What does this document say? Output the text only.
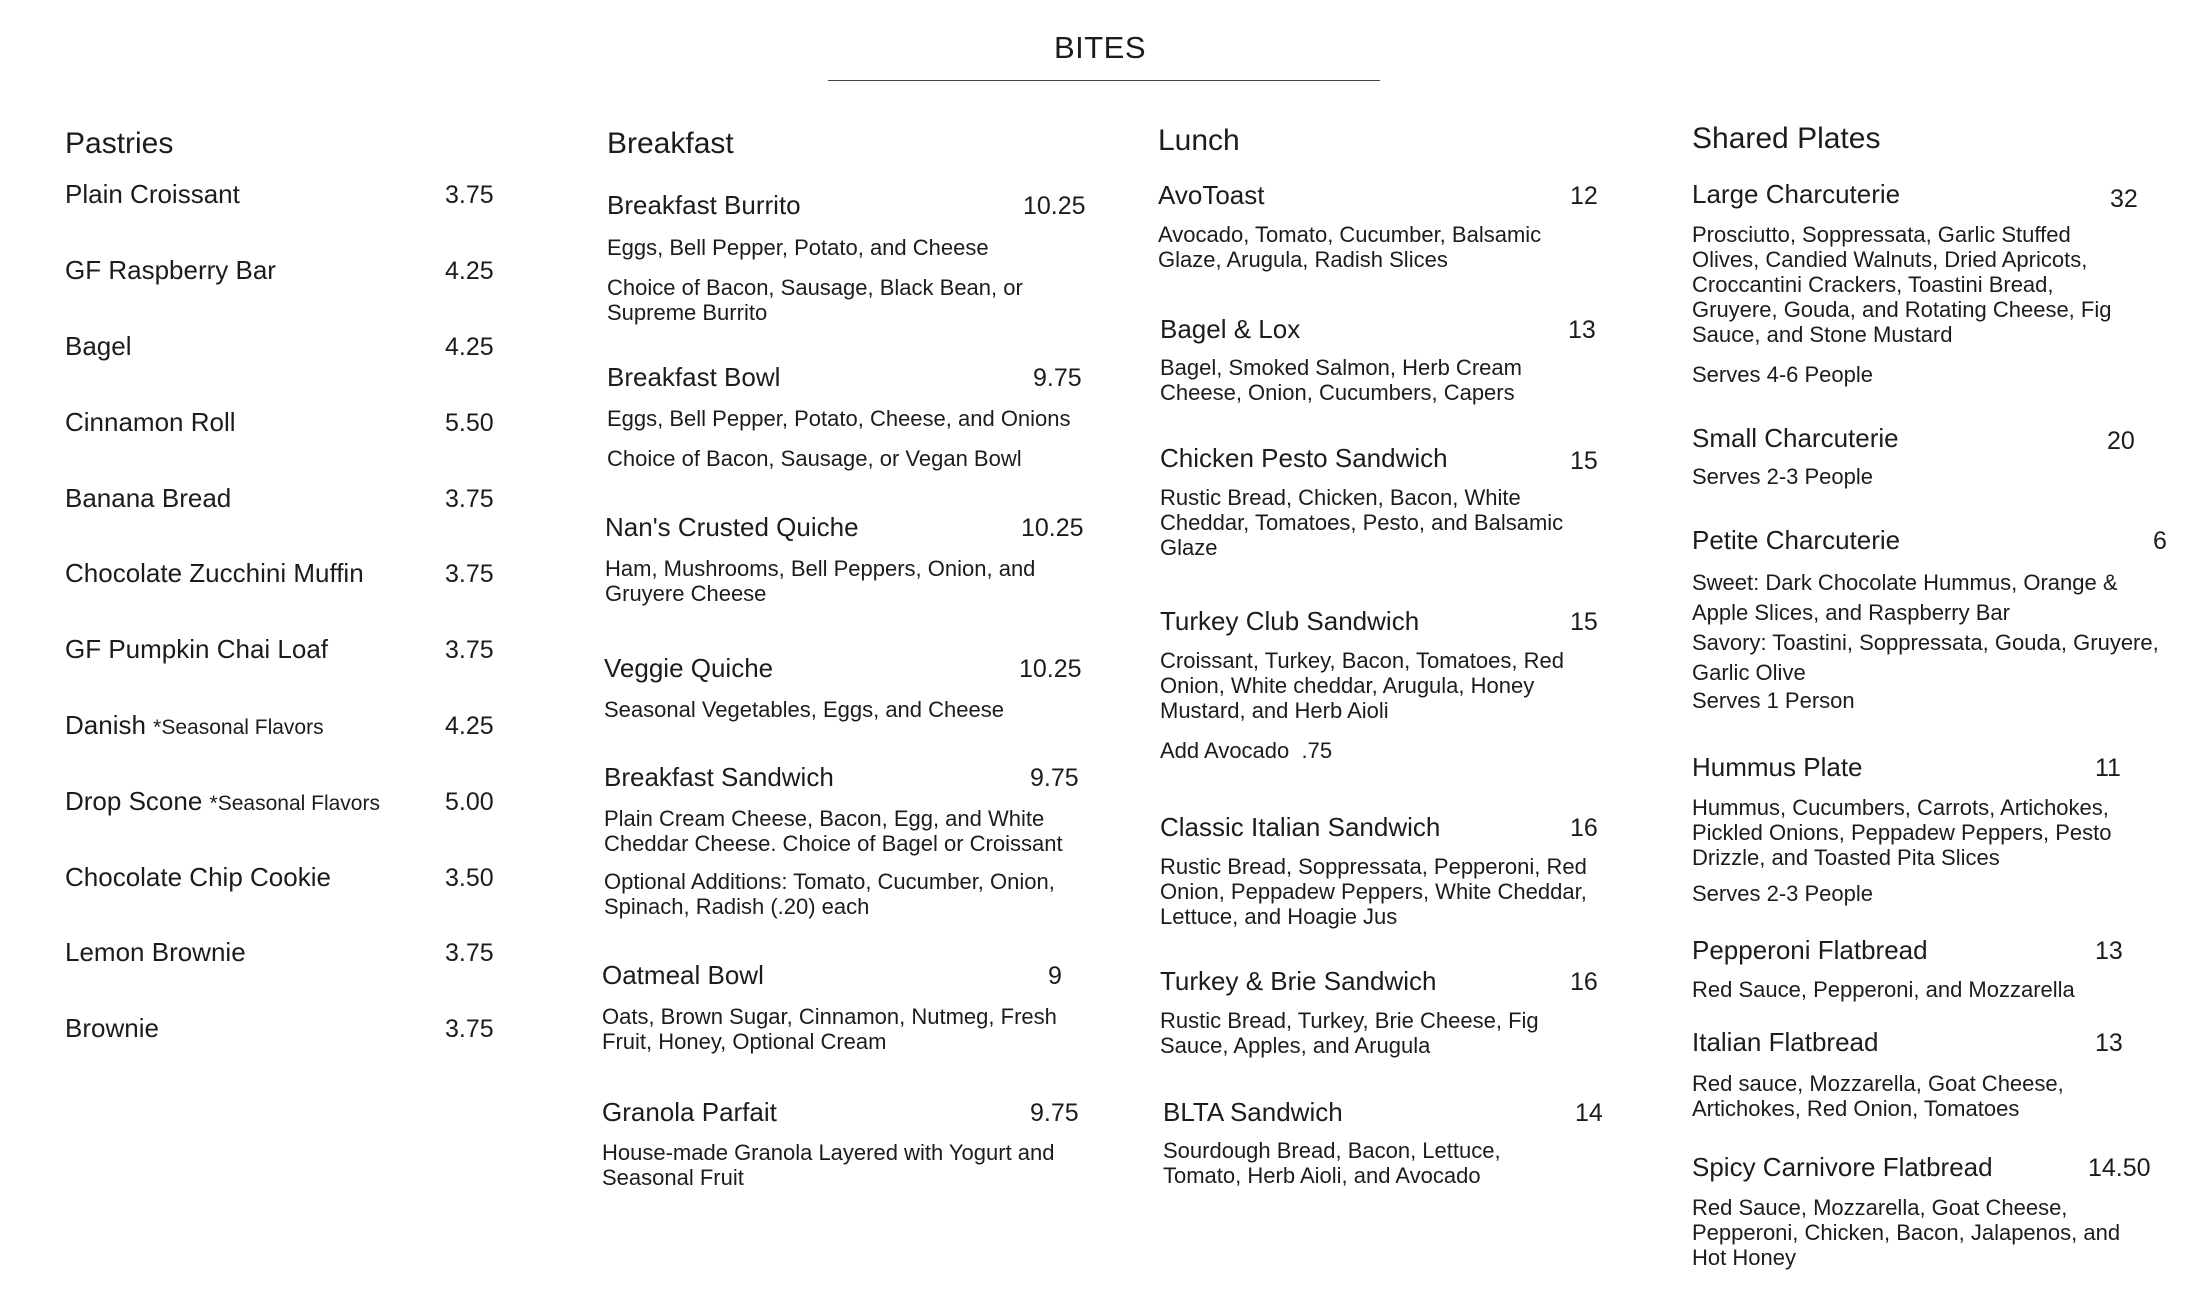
BITES
Pastries
Plain Croissant	3.75
GF Raspberry Bar	4.25
Bagel	4.25
Cinnamon Roll	5.50
Banana Bread	3.75
Chocolate Zucchini Muffin	3.75
GF Pumpkin Chai Loaf	3.75
Danish *Seasonal Flavors	4.25
Drop Scone *Seasonal Flavors	5.00
Chocolate Chip Cookie	3.50
Lemon Brownie	3.75
Brownie	3.75
Breakfast
Breakfast Burrito	10.25
Eggs, Bell Pepper, Potato, and Cheese
Choice of Bacon, Sausage, Black Bean, or Supreme Burrito
Breakfast Bowl	9.75
Eggs, Bell Pepper, Potato, Cheese, and Onions
Choice of Bacon, Sausage, or Vegan Bowl
Nan's Crusted Quiche	10.25
Ham, Mushrooms, Bell Peppers, Onion, and Gruyere Cheese
Veggie Quiche	10.25
Seasonal Vegetables, Eggs, and Cheese
Breakfast Sandwich	9.75
Plain Cream Cheese, Bacon, Egg, and White Cheddar Cheese. Choice of Bagel or Croissant
Optional Additions: Tomato, Cucumber, Onion, Spinach, Radish (.20) each
Oatmeal Bowl	9
Oats, Brown Sugar, Cinnamon, Nutmeg, Fresh Fruit, Honey, Optional Cream
Granola Parfait	9.75
House-made Granola Layered with Yogurt and Seasonal Fruit
Lunch
AvoToast	12
Avocado, Tomato, Cucumber, Balsamic Glaze, Arugula, Radish Slices
Bagel & Lox	13
Bagel, Smoked Salmon, Herb Cream Cheese, Onion, Cucumbers, Capers
Chicken Pesto Sandwich	15
Rustic Bread, Chicken, Bacon, White Cheddar, Tomatoes, Pesto, and Balsamic Glaze
Turkey Club Sandwich	15
Croissant, Turkey, Bacon, Tomatoes, Red Onion, White cheddar, Arugula, Honey Mustard, and Herb Aioli
Add Avocado  .75
Classic Italian Sandwich	16
Rustic Bread, Soppressata, Pepperoni, Red Onion, Peppadew Peppers, White Cheddar, Lettuce, and Hoagie Jus
Turkey & Brie Sandwich	16
Rustic Bread, Turkey, Brie Cheese, Fig Sauce, Apples, and Arugula
BLTA Sandwich	14
Sourdough Bread, Bacon, Lettuce, Tomato, Herb Aioli, and Avocado
Shared Plates
Large Charcuterie	32
Prosciutto, Soppressata, Garlic Stuffed Olives, Candied Walnuts, Dried Apricots, Croccantini Crackers, Toastini Bread, Gruyere, Gouda, and Rotating Cheese, Fig Sauce, and Stone Mustard
Serves 4-6 People
Small Charcuterie	20
Serves 2-3 People
Petite Charcuterie	6
Sweet: Dark Chocolate Hummus, Orange & Apple Slices, and Raspberry Bar
Savory: Toastini, Soppressata, Gouda, Gruyere, Garlic Olive
Serves 1 Person
Hummus Plate	11
Hummus, Cucumbers, Carrots, Artichokes, Pickled Onions, Peppadew Peppers, Pesto Drizzle, and Toasted Pita Slices
Serves 2-3 People
Pepperoni Flatbread	13
Red Sauce, Pepperoni, and Mozzarella
Italian Flatbread	13
Red sauce, Mozzarella, Goat Cheese, Artichokes, Red Onion, Tomatoes
Spicy Carnivore Flatbread	14.50
Red Sauce, Mozzarella, Goat Cheese, Pepperoni, Chicken, Bacon, Jalapenos, and Hot Honey
